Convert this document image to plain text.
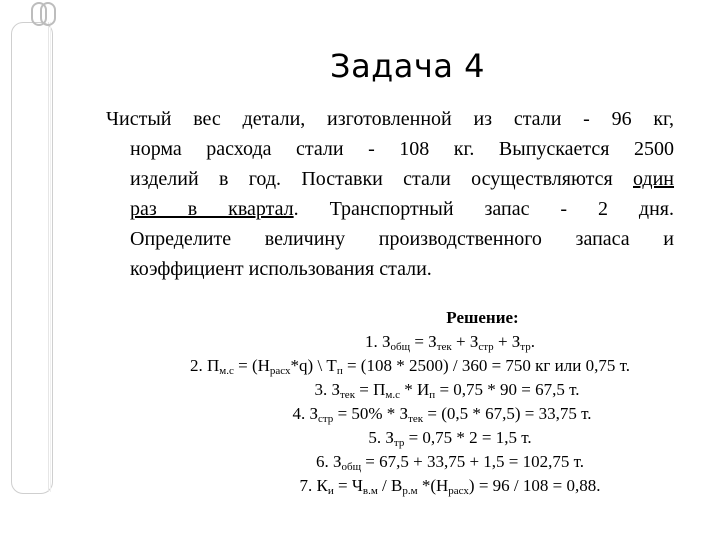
Задача 4
Чистый вес детали, изготовленной из стали - 96 кг,
норма расхода стали - 108 кг. Выпускается 2500
изделий в год. Поставки стали осуществляются один
раз в квартал. Транспортный запас - 2 дня.
Определите величину производственного запаса и
коэффициент использования стали.
Решение:
1. $З_{общ} = З_{тек} + З_{стр} + З_{тр}$.
2. $П_{м.с} = (Н_{расх}*q)$ \ $Т_п = (108 * 2500) / 360 = 750$ кг или 0,75 т.
3. $З_{тек} = П_{м.с} * И_п = 0,75 * 90 = 67,5$ т.
4. $З_{стр} = 50\% * З_{тек} = (0,5 * 67,5) = 33,75$ т.
5. $З_{тр} = 0,75 * 2 = 1,5$ т.
6. $З_{общ} = 67,5 + 33,75 + 1,5 = 102,75$ т.
7. $К_и = Ч_{в.м} / В_{р.м}$ $*(Н_{расх}) = 96 / 108 = 0,88$.
